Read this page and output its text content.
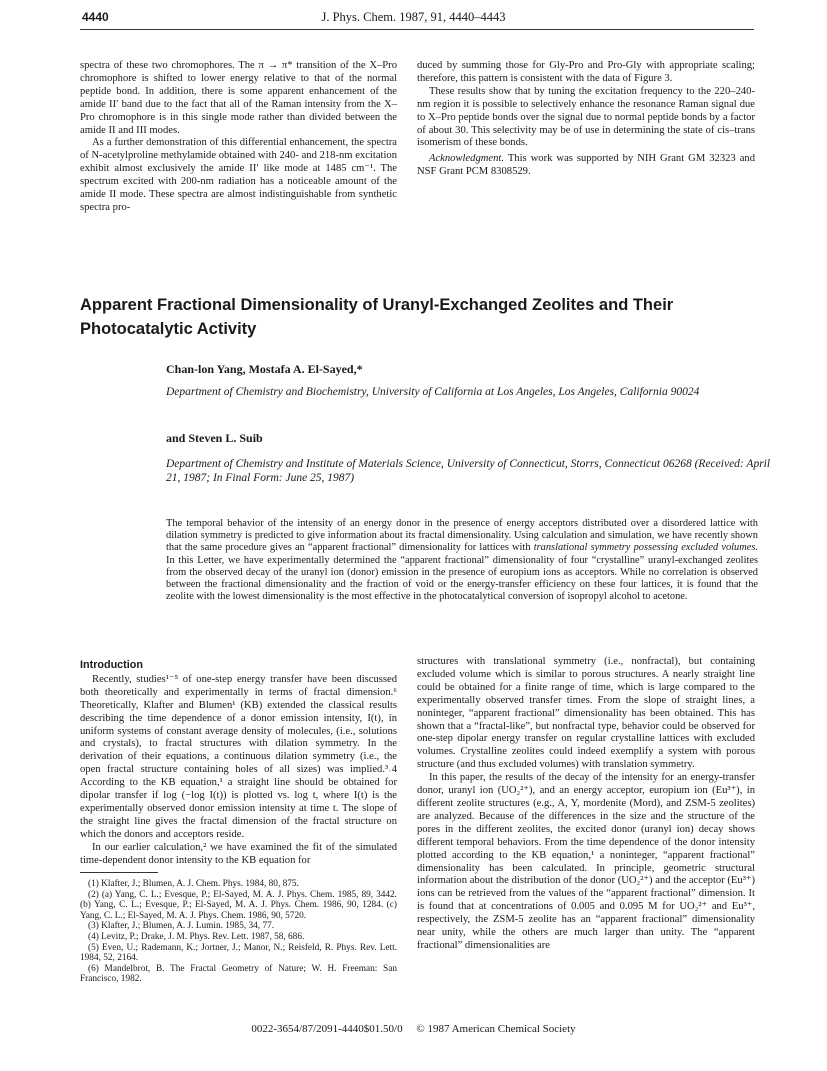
4440	J. Phys. Chem. 1987, 91, 4440–4443

spectra of these two chromophores. The π → π* transition of the X–Pro chromophore is shifted to lower energy relative to that of the normal peptide bond. In addition, there is some apparent enhancement of the amide II′ band due to the fact that all of the Raman intensity from the X–Pro chromophore is in this single mode rather than divided between the amide II and III modes.

As a further demonstration of this differential enhancement, the spectra of N-acetylproline methylamide obtained with 240- and 218-nm excitation exhibit almost exclusively the amide II′ like mode at 1485 cm⁻¹. The spectrum excited with 200-nm radiation has a noticeable amount of the amide II mode. These spectra are almost indistinguishable from synthetic spectra pro-

duced by summing those for Gly-Pro and Pro-Gly with appropriate scaling; therefore, this pattern is consistent with the data of Figure 3.

These results show that by tuning the excitation frequency to the 220–240-nm region it is possible to selectively enhance the resonance Raman signal due to X–Pro peptide bonds over the signal due to normal peptide bonds by a factor of about 30. This selectivity may be of use in determining the state of cis–trans isomerism of these bonds.

Acknowledgment. This work was supported by NIH Grant GM 32323 and NSF Grant PCM 8308529.

Apparent Fractional Dimensionality of Uranyl-Exchanged Zeolites and Their Photocatalytic Activity
Chan-lon Yang, Mostafa A. El-Sayed,*
Department of Chemistry and Biochemistry, University of California at Los Angeles, Los Angeles, California 90024
and Steven L. Suib
Department of Chemistry and Institute of Materials Science, University of Connecticut, Storrs, Connecticut 06268 (Received: April 21, 1987; In Final Form: June 25, 1987)
The temporal behavior of the intensity of an energy donor in the presence of energy acceptors distributed over a disordered lattice with dilation symmetry is predicted to give information about its fractal dimensionality. Using calculation and simulation, we have recently shown that the same procedure gives an “apparent fractional” dimensionality for lattices with translational symmetry possessing excluded volumes. In this Letter, we have experimentally determined the “apparent fractional” dimensionality of four “crystalline” uranyl-exchanged zeolites from the observed decay of the uranyl ion (donor) emission in the presence of europium ions as acceptors. While no correlation is observed between the fractional dimensionality and the fraction of void or the energy-transfer efficiency on these four lattices, it is found that the zeolite with the lowest dimensionality is the most effective in the photocatalytical conversion of isopropyl alcohol to acetone.

Introduction

Recently, studies¹⁻⁵ of one-step energy transfer have been discussed both theoretically and experimentally in terms of fractal dimension.⁶ Theoretically, Klafter and Blumen¹ (KB) extended the classical results describing the time dependence of a donor emission intensity, I(t), in uniform systems of constant average density of molecules, (i.e., solutions and crystals), to fractal structures with dilation symmetry. In the derivation of their equations, a continuous dilation symmetry (i.e., the open fractal structure containing holes of all sizes) was implied.³˒4 According to the KB equation,¹ a straight line should be obtained for dipolar transfer if log (−log I(t)) is plotted vs. log t, where I(t) is the experimentally observed donor emission intensity at time t. The slope of the straight line gives the fractal dimension of the fractal structure on which the donors and acceptors reside.

In our earlier calculation,² we have examined the fit of the simulated time-dependent donor intensity to the KB equation for

(1) Klafter, J.; Blumen, A. J. Chem. Phys. 1984, 80, 875.

(2) (a) Yang, C. L.; Evesque, P.; El-Sayed, M. A. J. Phys. Chem. 1985, 89, 3442. (b) Yang, C. L.; Evesque, P.; El-Sayed, M. A. J. Phys. Chem. 1986, 90, 1284. (c) Yang, C. L.; El-Sayed, M. A. J. Phys. Chem. 1986, 90, 5720.

(3) Klafter, J.; Blumen, A. J. Lumin. 1985, 34, 77.

(4) Levitz, P.; Drake, J. M. Phys. Rev. Lett. 1987, 58, 686.

(5) Even, U.; Rademann, K.; Jortner, J.; Manor, N.; Reisfeld, R. Phys. Rev. Lett. 1984, 52, 2164.

(6) Mandelbrot, B. The Fractal Geometry of Nature; W. H. Freeman: San Francisco, 1982.

structures with translational symmetry (i.e., nonfractal), but containing excluded volume which is similar to porous structures. A nearly straight line could be obtained for a finite range of time, which is large compared to the experimentally observed transfer times. From the slope of straight lines, a noninteger, “apparent fractional” dimensionality has been obtained. This has shown that a “fractal-like”, but nonfractal type, behavior could be observed for one-step dipolar energy transfer on regular crystalline lattices with excluded volumes. Crystalline zeolites could indeed exemplify a system with porous structure (and thus excluded volumes) with translation symmetry.

In this paper, the results of the decay of the intensity for an energy-transfer donor, uranyl ion (UO₂²⁺), and an energy acceptor, europium ion (Eu³⁺), in different zeolite structures (e.g., A, Y, mordenite (Mord), and ZSM-5 zeolites) are analyzed. Because of the differences in the size and the structure of the pores in the different zeolites, the excited donor (uranyl ion) decay shows different temporal behaviors. From the time dependence of the donor intensity plotted according to the KB equation,¹ a noninteger, “apparent fractional” dimensionality has been calculated. In principle, geometric structural information about the distribution of the donor (UO₂²⁺) and the acceptor (Eu³⁺) ions can be retrieved from the values of the “apparent fractional” dimension. It is found that at concentrations of 0.005 and 0.095 M for UO₂²⁺ and Eu³⁺, respectively, the ZSM-5 zeolite has an “apparent fractional” dimensionality near unity, while the others are much larger than unity. The “apparent fractional” dimensionalities are

0022-3654/87/2091-4440$01.50/0 © 1987 American Chemical Society
